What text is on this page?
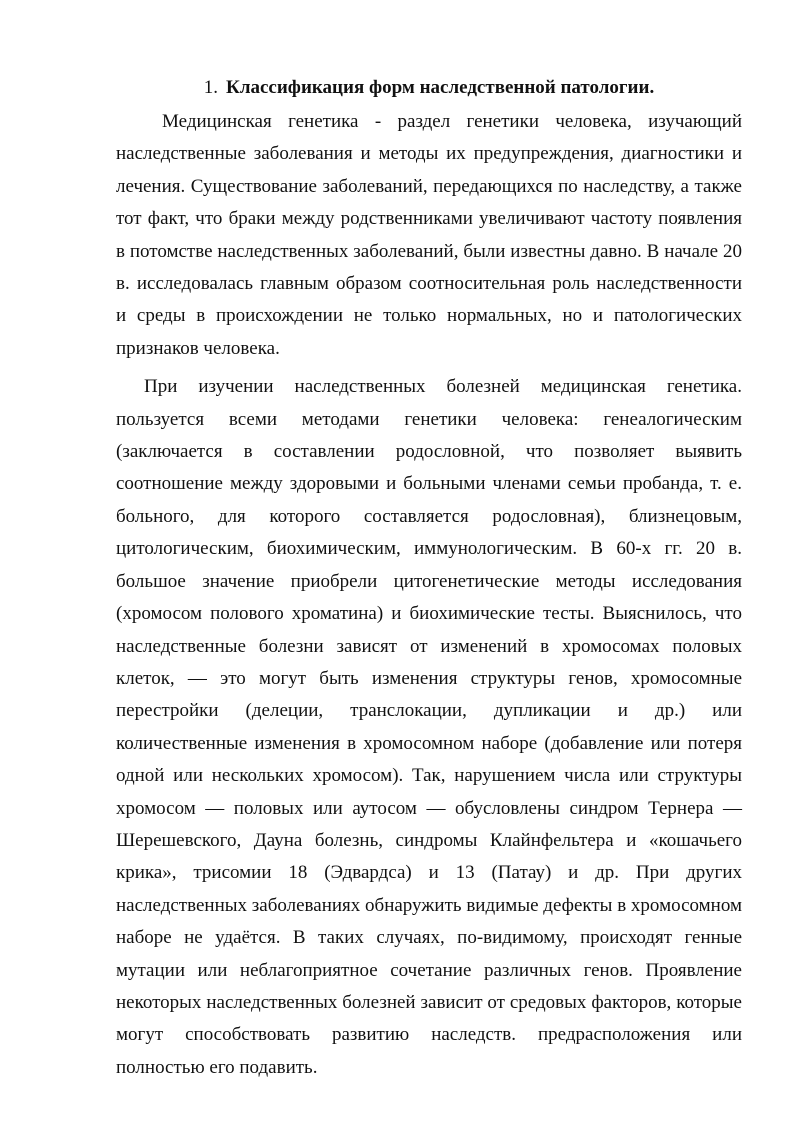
1. Классификация форм наследственной патологии.

Медицинская генетика - раздел генетики человека, изучающий наследственные заболевания и методы их предупреждения, диагностики и лечения. Существование заболеваний, передающихся по наследству, а также тот факт, что браки между родственниками увеличивают частоту появления в потомстве наследственных заболеваний, были известны давно. В начале 20 в. исследовалась главным образом соотносительная роль наследственности и среды в происхождении не только нормальных, но и патологических признаков человека.

При изучении наследственных болезней медицинская генетика. пользуется всеми методами генетики человека: генеалогическим (заключается в составлении родословной, что позволяет выявить соотношение между здоровыми и больными членами семьи пробанда, т. е. больного, для которого составляется родословная), близнецовым, цитологическим, биохимическим, иммунологическим. В 60-х гг. 20 в. большое значение приобрели цитогенетические методы исследования (хромосом полового хроматина) и биохимические тесты. Выяснилось, что наследственные болезни зависят от изменений в хромосомах половых клеток, — это могут быть изменения структуры генов, хромосомные перестройки (делеции, транслокации, дупликации и др.) или количественные изменения в хромосомном наборе (добавление или потеря одной или нескольких хромосом). Так, нарушением числа или структуры хромосом — половых или аутосом — обусловлены синдром Тернера — Шерешевского, Дауна болезнь, синдромы Клайнфельтера и «кошачьего крика», трисомии 18 (Эдвардса) и 13 (Патау) и др. При других наследственных заболеваниях обнаружить видимые дефекты в хромосомном наборе не удаётся. В таких случаях, по-видимому, происходят генные мутации или неблагоприятное сочетание различных генов. Проявление некоторых наследственных болезней зависит от средовых факторов, которые могут способствовать развитию наследств. предрасположения или полностью его подавить.
